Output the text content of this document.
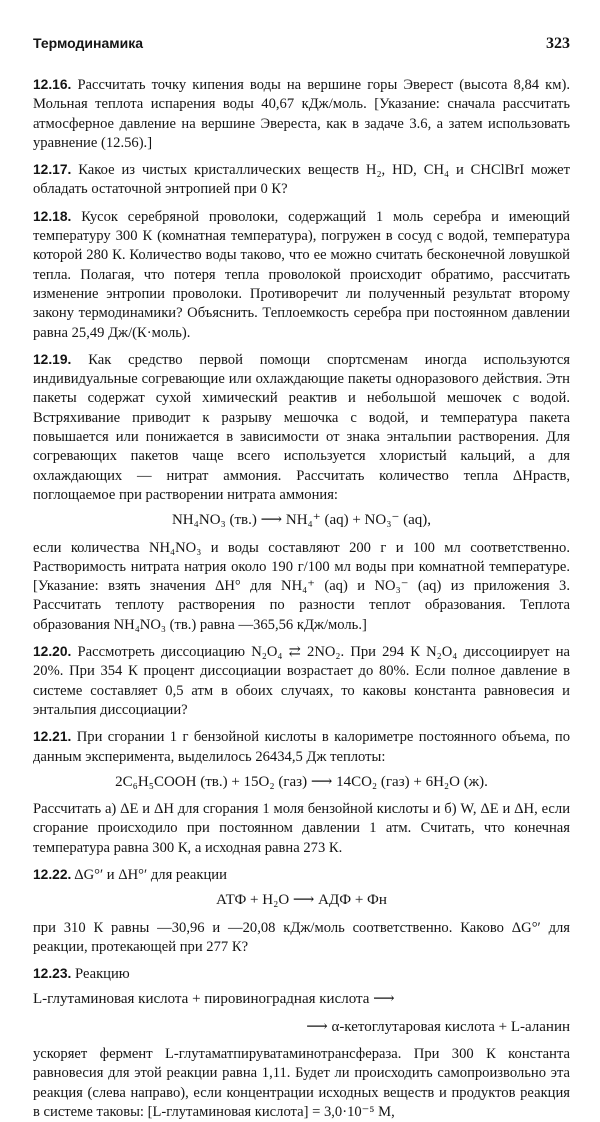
Термодинамика	323

12.16. Рассчитать точку кипения воды на вершине горы Эверест (высота 8,84 км). Мольная теплота испарения воды 40,67 кДж/моль. [Указание: сначала рассчитать атмосферное давление на вершине Эвереста, как в задаче 3.6, а затем использовать уравнение (12.56).]

12.17. Какое из чистых кристаллических веществ H₂, HD, CH₄ и CHClBrI может обладать остаточной энтропией при 0 К?

12.18. Кусок серебряной проволоки, содержащий 1 моль серебра и имеющий температуру 300 К (комнатная температура), погружен в сосуд с водой, температура которой 280 К. Количество воды таково, что ее можно считать бесконечной ловушкой тепла. Полагая, что потеря тепла проволокой происходит обратимо, рассчитать изменение энтропии проволоки. Противоречит ли полученный результат второму закону термодинамики? Объяснить. Теплоемкость серебра при постоянном давлении равна 25,49 Дж/(К·моль).

12.19. Как средство первой помощи спортсменам иногда используются индивидуальные согревающие или охлаждающие пакеты одноразового действия. Этн пакеты содержат сухой химический реактив и небольшой мешочек с водой. Встряхивание приводит к разрыву мешочка с водой, и температура пакета повышается или понижается в зависимости от знака энтальпии растворения. Для согревающих пакетов чаще всего используется хлористый кальций, а для охлаждающих — нитрат аммония. Рассчитать количество тепла ΔHраств, поглощаемое при растворении нитрата аммония:

NH₄NO₃ (тв.) ⟶ NH₄⁺ (aq) + NO₃⁻ (aq),

если количества NH₄NO₃ и воды составляют 200 г и 100 мл соответственно. Растворимость нитрата натрия около 190 г/100 мл воды при комнатной температуре. [Указание: взять значения ΔH° для NH₄⁺ (aq) и NO₃⁻ (aq) из приложения 3. Рассчитать теплоту растворения по разности теплот образования. Теплота образования NH₄NO₃ (тв.) равна —365,56 кДж/моль.]

12.20. Рассмотреть диссоциацию N₂O₄ ⇄ 2NO₂. При 294 К N₂O₄ диссоциирует на 20%. При 354 К процент диссоциации возрастает до 80%. Если полное давление в системе составляет 0,5 атм в обоих случаях, то каковы константа равновесия и энтальпия диссоциации?

12.21. При сгорании 1 г бензойной кислоты в калориметре постоянного объема, по данным эксперимента, выделилось 26434,5 Дж теплоты:

2C₆H₅COOH (тв.) + 15O₂ (газ) ⟶ 14CO₂ (газ) + 6H₂O (ж).

Рассчитать а) ΔE и ΔH для сгорания 1 моля бензойной кислоты и б) W, ΔE и ΔH, если сгорание происходило при постоянном давлении 1 атм. Считать, что конечная температура равна 300 К, а исходная равна 273 К.

12.22. ΔG°′ и ΔH°′ для реакции

АТФ + H₂O ⟶ АДФ + Фн

при 310 К равны —30,96 и —20,08 кДж/моль соответственно. Каково ΔG°′ для реакции, протекающей при 277 К?

12.23. Реакцию

L-глутаминовая кислота + пировиноградная кислота ⟶
⟶ α-кетоглутаровая кислота + L-аланин

ускоряет фермент L-глутаматпируватаминотрансфераза. При 300 К константа равновесия для этой реакции равна 1,11. Будет ли происходить самопроизвольно эта реакция (слева направо), если концентрации исходных веществ и продуктов реакция в системе таковы: [L-глутаминовая кислота] = 3,0·10⁻⁵ М,
